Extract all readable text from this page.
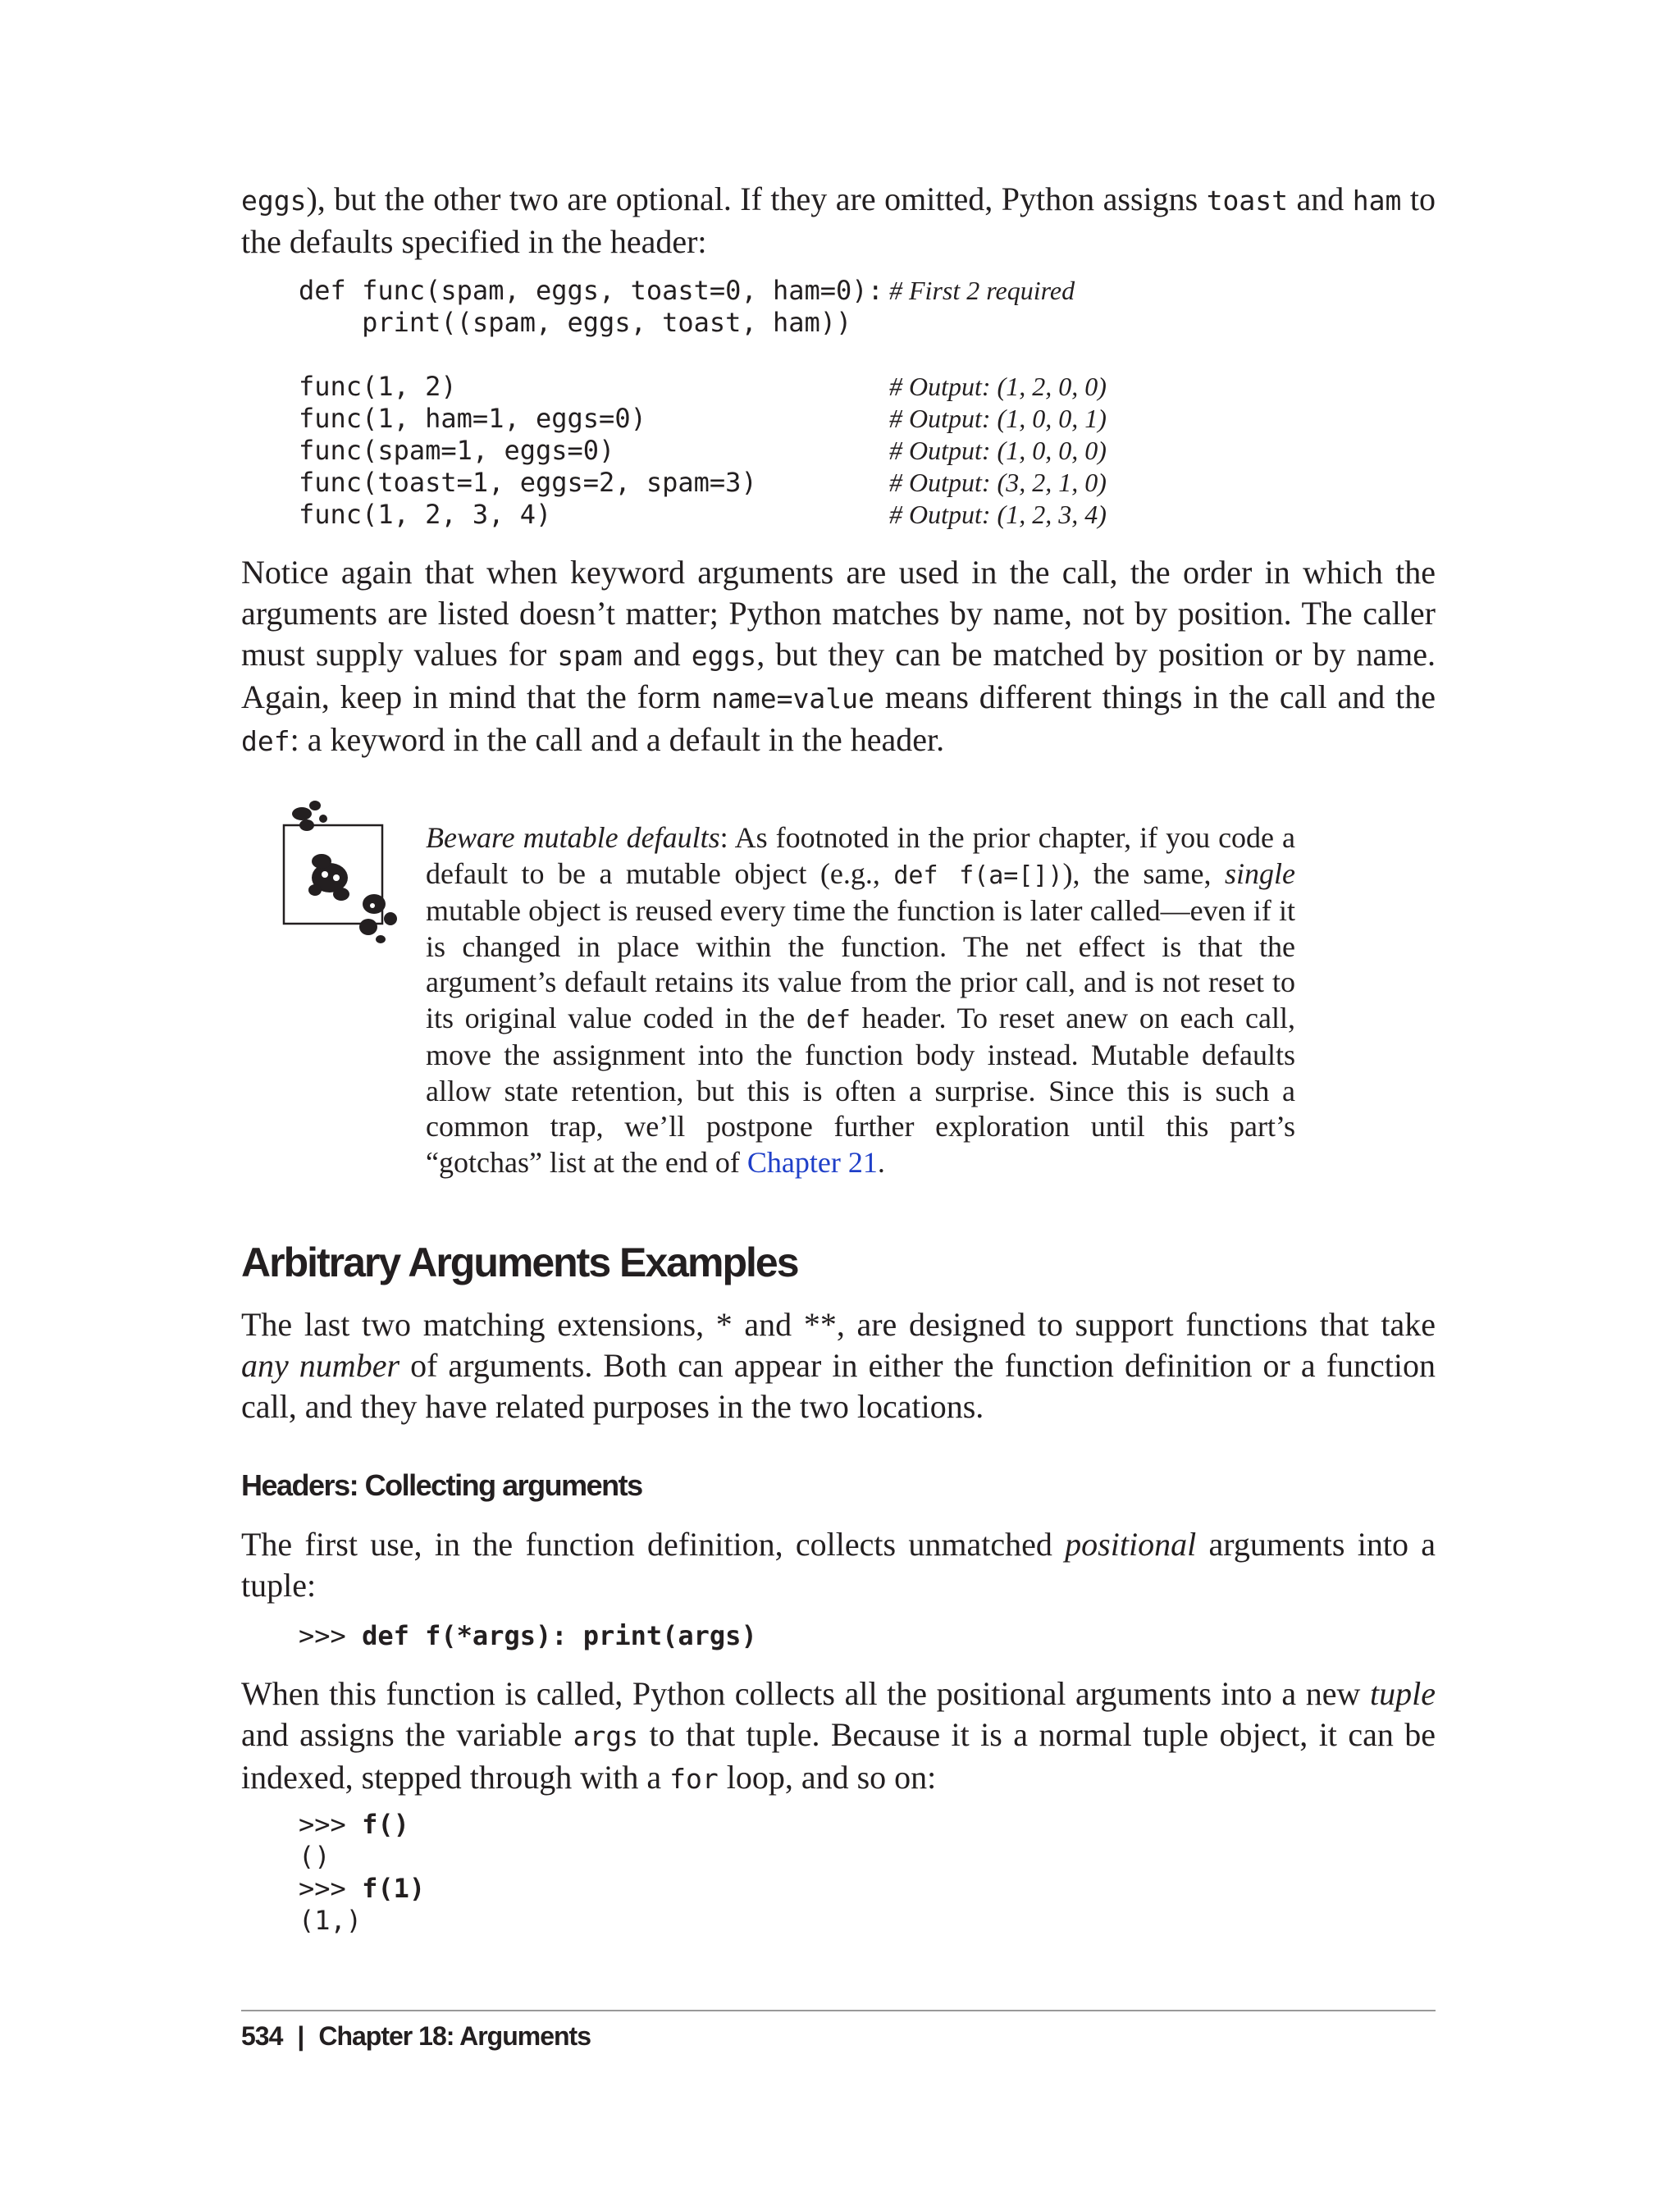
eggs), but the other two are optional. If they are omitted, Python assigns toast and ham to the defaults specified in the header:

def func(spam, eggs, toast=0, ham=0): # First 2 required
print((spam, eggs, toast, ham))
func(1, 2)	# Output: (1, 2, 0, 0)
func(1, ham=1, eggs=0)	# Output: (1, 0, 0, 1)
func(spam=1, eggs=0)	# Output: (1, 0, 0, 0)
func(toast=1, eggs=2, spam=3)	# Output: (3, 2, 1, 0)
func(1, 2, 3, 4)	# Output: (1, 2, 3, 4)

Notice again that when keyword arguments are used in the call, the order in which the arguments are listed doesn’t matter; Python matches by name, not by position. The caller must supply values for spam and eggs, but they can be matched by position or by name. Again, keep in mind that the form name=value means different things in the call and the def: a keyword in the call and a default in the header.

Beware mutable defaults: As footnoted in the prior chapter, if you code a default to be a mutable object (e.g., def f(a=[])), the same, single mutable object is reused every time the function is later called—even if it is changed in place within the function. The net effect is that the argument’s default retains its value from the prior call, and is not reset to its original value coded in the def header. To reset anew on each call, move the assignment into the function body instead. Mutable defaults allow state retention, but this is often a surprise. Since this is such a common trap, we’ll postpone further exploration until this part’s “gotchas” list at the end of Chapter 21.
Arbitrary Arguments Examples

The last two matching extensions, * and **, are designed to support functions that take any number of arguments. Both can appear in either the function definition or a function call, and they have related purposes in the two locations.

Headers: Collecting arguments

The first use, in the function definition, collects unmatched positional arguments into a tuple:

>>> def f(*args): print(args)

When this function is called, Python collects all the positional arguments into a new tuple and assigns the variable args to that tuple. Because it is a normal tuple object, it can be indexed, stepped through with a for loop, and so on:

>>> f()
()
>>> f(1)
(1,)
534 | Chapter 18: Arguments
